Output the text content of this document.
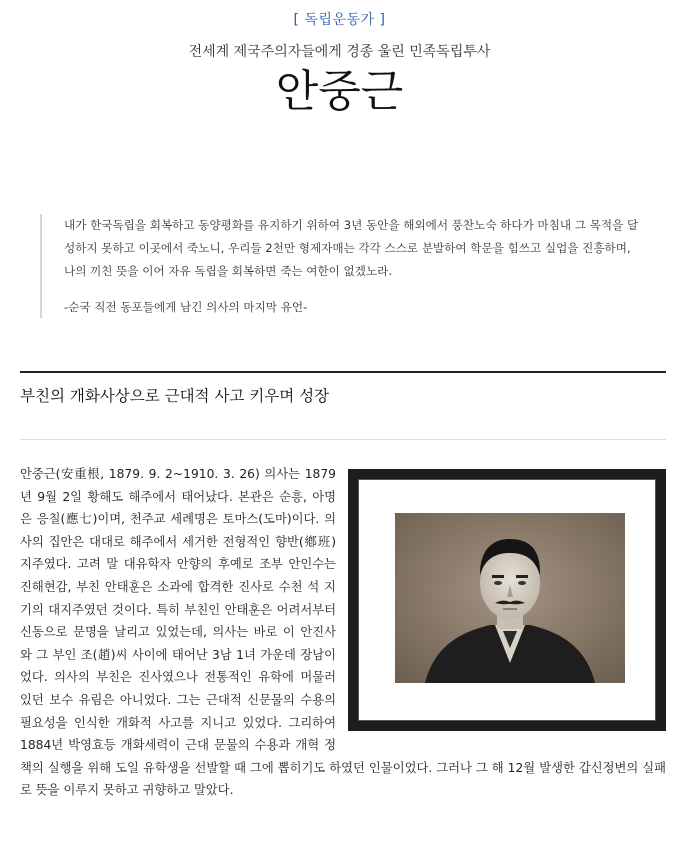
[ 독립운동가 ]
전세계 제국주의자들에게 경종 울린 민족독립투사
안중근

내가 한국독립을 회복하고 동양평화를 유지하기 위하여 3년 동안을 해외에서 풍찬노숙 하다가 마침내 그 목적을 달성하지 못하고 이곳에서 죽노니, 우리들 2천만 형제자매는 각각 스스로 분발하여 학문을 힘쓰고 실업을 진흥하며, 나의 끼친 뜻을 이어 자유 독립을 회복하면 죽는 여한이 없겠노라.

-순국 직전 동포들에게 남긴 의사의 마지막 유언-

부친의 개화사상으로 근대적 사고 키우며 성장

안중근(安重根, 1879. 9. 2~1910. 3. 26) 의사는 1879년 9월 2일 황해도 해주에서 태어났다. 본관은 순흥, 아명은 응칠(應七)이며, 천주교 세례명은 토마스(도마)이다. 의사의 집안은 대대로 해주에서 세거한 전형적인 향반(鄕班) 지주였다. 고려 말 대유학자 안향의 후예로 조부 안인수는 진해현감, 부친 안태훈은 소과에 합격한 진사로 수천 석 지기의 대지주였던 것이다. 특히 부친인 안태훈은 어려서부터 신동으로 문명을 날리고 있었는데, 의사는 바로 이 안진사와 그 부인 조(趙)씨 사이에 태어난 3남 1녀 가운데 장남이었다. 의사의 부친은 진사였으나 전통적인 유학에 머물러 있던 보수 유림은 아니었다. 그는 근대적 신문물의 수용의 필요성을 인식한 개화적 사고를 지니고 있었다. 그리하여 1884년 박영효등 개화세력이 근대 문물의 수용과 개혁 정책의 실행을 위해 도일 유학생을 선발할 때 그에 뽑히기도 하였던 인물이었다. 그러나 그 해 12월 발생한 갑신정변의 실패로 뜻을 이루지 못하고 귀향하고 말았다.
